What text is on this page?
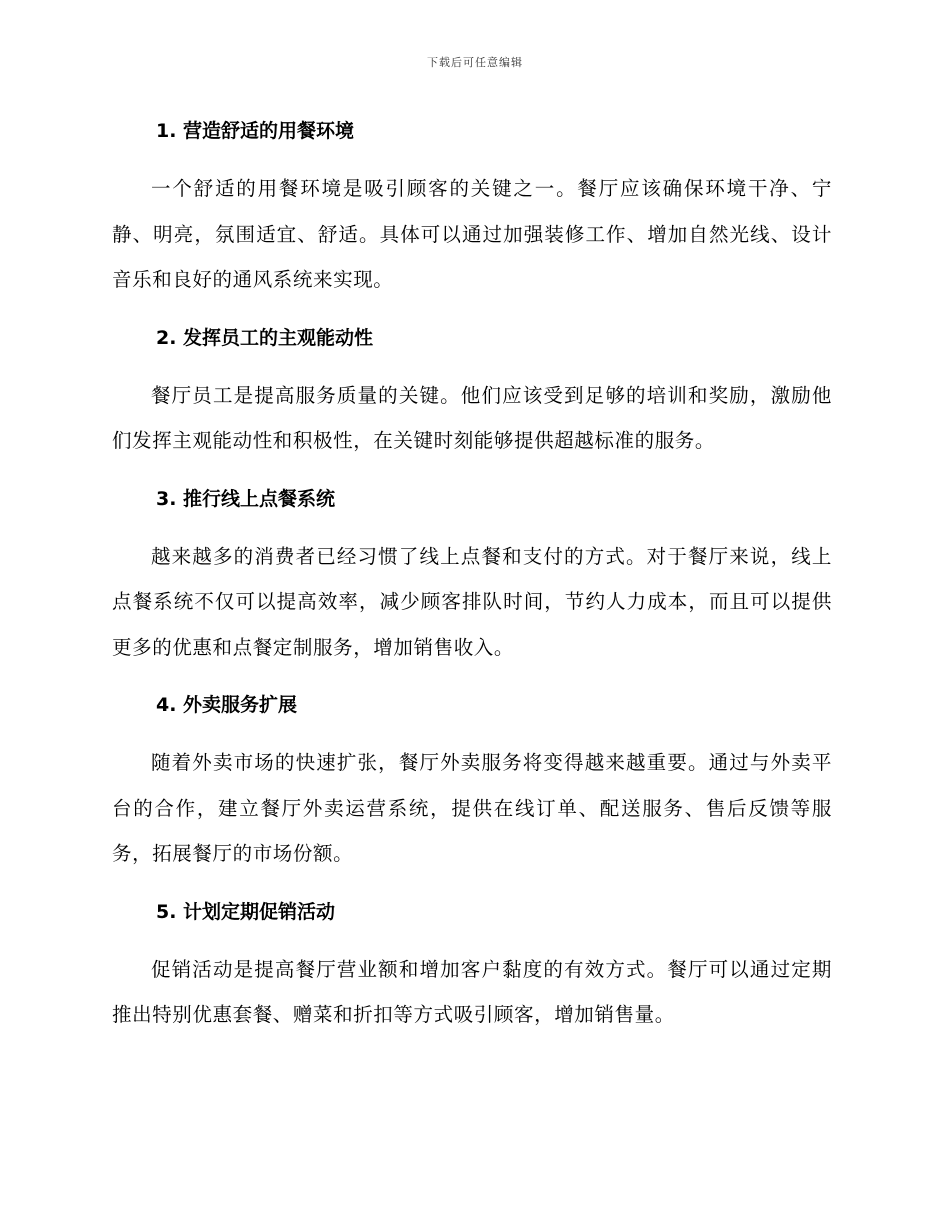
下载后可任意编辑
1. 营造舒适的用餐环境

一个舒适的用餐环境是吸引顾客的关键之一。餐厅应该确保环境干净、宁静、明亮，氛围适宜、舒适。具体可以通过加强装修工作、增加自然光线、设计音乐和良好的通风系统来实现。

2. 发挥员工的主观能动性

餐厅员工是提高服务质量的关键。他们应该受到足够的培训和奖励，激励他们发挥主观能动性和积极性，在关键时刻能够提供超越标准的服务。

3. 推行线上点餐系统

越来越多的消费者已经习惯了线上点餐和支付的方式。对于餐厅来说，线上点餐系统不仅可以提高效率，减少顾客排队时间，节约人力成本，而且可以提供更多的优惠和点餐定制服务，增加销售收入。

4. 外卖服务扩展

随着外卖市场的快速扩张，餐厅外卖服务将变得越来越重要。通过与外卖平台的合作，建立餐厅外卖运营系统，提供在线订单、配送服务、售后反馈等服务，拓展餐厅的市场份额。

5. 计划定期促销活动

促销活动是提高餐厅营业额和增加客户黏度的有效方式。餐厅可以通过定期推出特别优惠套餐、赠菜和折扣等方式吸引顾客，增加销售量。
